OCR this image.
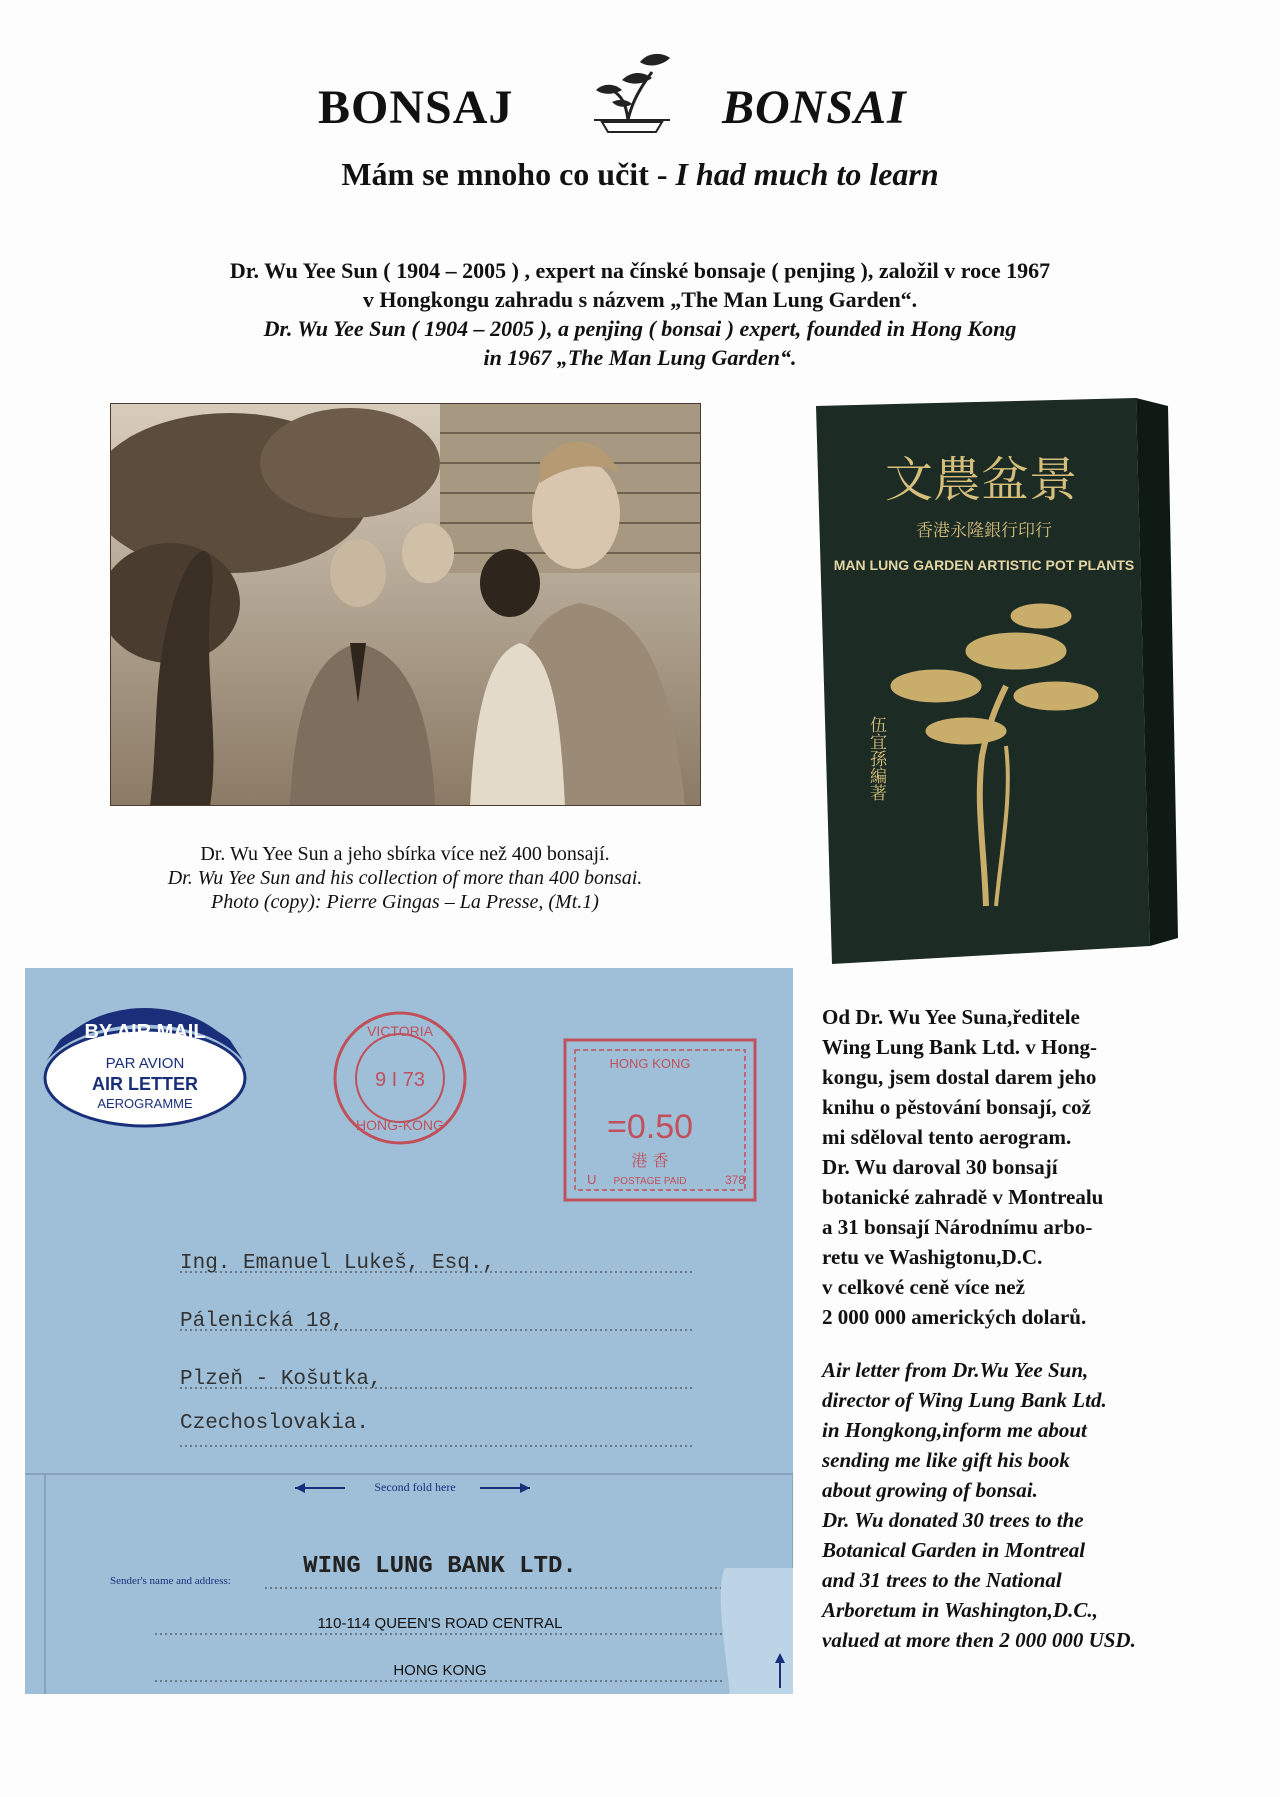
BONSAJ	BONSAI
Mám se mnoho co učit - I had much to learn
Dr. Wu Yee Sun ( 1904 – 2005 ) , expert na čínské bonsaje ( penjing ), založil v roce 1967
v Hongkongu zahradu s názvem „The Man Lung Garden“.
Dr. Wu Yee Sun ( 1904 – 2005 ), a penjing ( bonsai ) expert, founded in Hong Kong
in 1967 „The Man Lung Garden“.
Dr. Wu Yee Sun a jeho sbírka více než 400 bonsají.
Dr. Wu Yee Sun and his collection of more than 400 bonsai.
Photo (copy): Pierre Gingas – La Presse, (Mt.1)
文農盆景
香港永隆銀行印行
MAN LUNG GARDEN ARTISTIC POT PLANTS
伍宜孫編著
BY AIR MAIL
PAR AVION
AIR LETTER
AEROGRAMME
VICTORIA
9 I 73
HONG-KONG
HONG KONG
=0.50
港 香
POSTAGE PAID
U	378
Ing. Emanuel Lukeš, Esq.,
Pálenická 18,
Plzeň - Košutka,
Czechoslovakia.
Second fold here
Sender's name and address:
WING LUNG BANK LTD.
110-114 QUEEN'S ROAD CENTRAL
HONG KONG
Od Dr. Wu Yee Suna,ředitele
Wing Lung Bank Ltd. v Hong-
kongu, jsem dostal darem jeho
knihu o pěstování bonsají, což
mi sděloval tento aerogram.
Dr. Wu daroval 30 bonsají
botanické zahradě v Montrealu
a 31 bonsají Národnímu arbo-
retu ve Washigtonu,D.C.
v celkové ceně více než
2 000 000 amerických dolarů.
Air letter from Dr.Wu Yee Sun,
director of Wing Lung Bank Ltd.
in Hongkong,inform me about
sending me like gift his book
about growing of bonsai.
Dr. Wu donated 30 trees to the
Botanical Garden in Montreal
and 31 trees to the National
Arboretum in Washington,D.C.,
valued at more then 2 000 000 USD.
